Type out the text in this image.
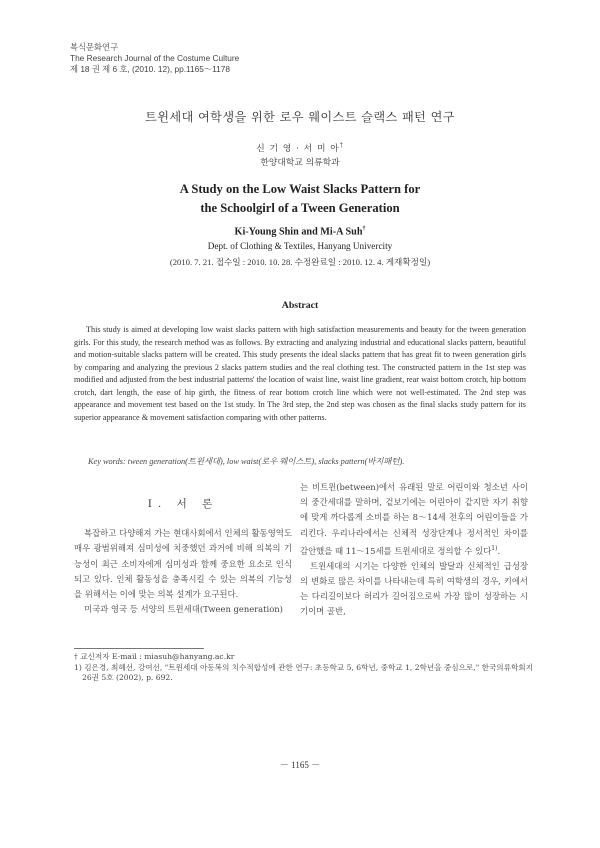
복식문화연구
The Research Journal of the Costume Culture
제 18 권 제 6 호, (2010. 12), pp.1165～1178
트윈세대 여학생을 위한 로우 웨이스트 슬랙스 패턴 연구
신 기 영 · 서 미 아†
한양대학교 의류학과
A Study on the Low Waist Slacks Pattern for
the Schoolgirl of a Tween Generation
Ki-Young Shin and Mi-A Suh†
Dept. of Clothing & Textiles, Hanyang Univercity
(2010. 7. 21. 접수일 : 2010. 10. 28. 수정완료일 : 2010. 12. 4. 게재확정일)
Abstract
This study is aimed at developing low waist slacks pattern with high satisfaction measurements and beauty for the tween generation girls. For this study, the research method was as follows. By extracting and analyzing industrial and educational slacks pattern, beautiful and motion-suitable slacks pattern will be created. This study presents the ideal slacks pattern that has great fit to tween generation girls by comparing and analyzing the previous 2 slacks pattern studies and the real clothing test. The constructed pattern in the 1st step was modified and adjusted from the best industrial patterns' the location of waist line, waist line gradient, rear waist bottom crotch, hip bottom crotch, dart length, the ease of hip girth, the fitness of rear bottom crotch line which were not well-estimated. The 2nd step was appearance and movement test based on the 1st study. In The 3rd step, the 2nd step was chosen as the final slacks study pattern for its superior appearance & movement satisfaction comparing with other patterns.
Key words: tween generation(트윈세대), low waist(로우 웨이스트), slacks pattern(바지패턴).
Ⅰ. 서 론

복잡하고 다양해져 가는 현대사회에서 인체의 활동영역도 매우 광범위해져 심미성에 치중했던 과거에 비해 의복의 기능성이 최근 소비자에게 심미성과 함께 중요한 요소로 인식되고 있다. 인체 활동성을 충족시킬 수 있는 의복의 기능성을 위해서는 이에 맞는 의복 설계가 요구된다.

미국과 영국 등 서양의 트윈세대(Tween generation)

는 비트윈(between)에서 유래된 말로 어린이와 청소년 사이의 중간세대를 말하며, 겉보기에는 어린아이 같지만 자기 취향에 맞게 까다롭게 소비를 하는 8～14세 전후의 어린이들을 가리킨다. 우리나라에서는 신체적 성장단계나 정서적인 차이를 감안했을 때 11～15세를 트윈세대로 정의할 수 있다$^{1)}$.

트윈세대의 시기는 다양한 인체의 발달과 신체적인 급성장의 변화로 많은 차이를 나타내는데 특히 여학생의 경우, 키에서는 다리길이보다 허리가 길어짐으로써 가장 많이 성장하는 시기이며 골반,

† 교신저자 E-mail : miasuh@hanyang.ac.kr

1) 김은경, 최혜선, 강여선, "트윈세대 아동복의 치수적합성에 관한 연구: 초등학교 5, 6학년, 중학교 1, 2학년을 중심으로," 한국의류학회지 26권 5호 (2002), p. 692.

－ 1165 －
